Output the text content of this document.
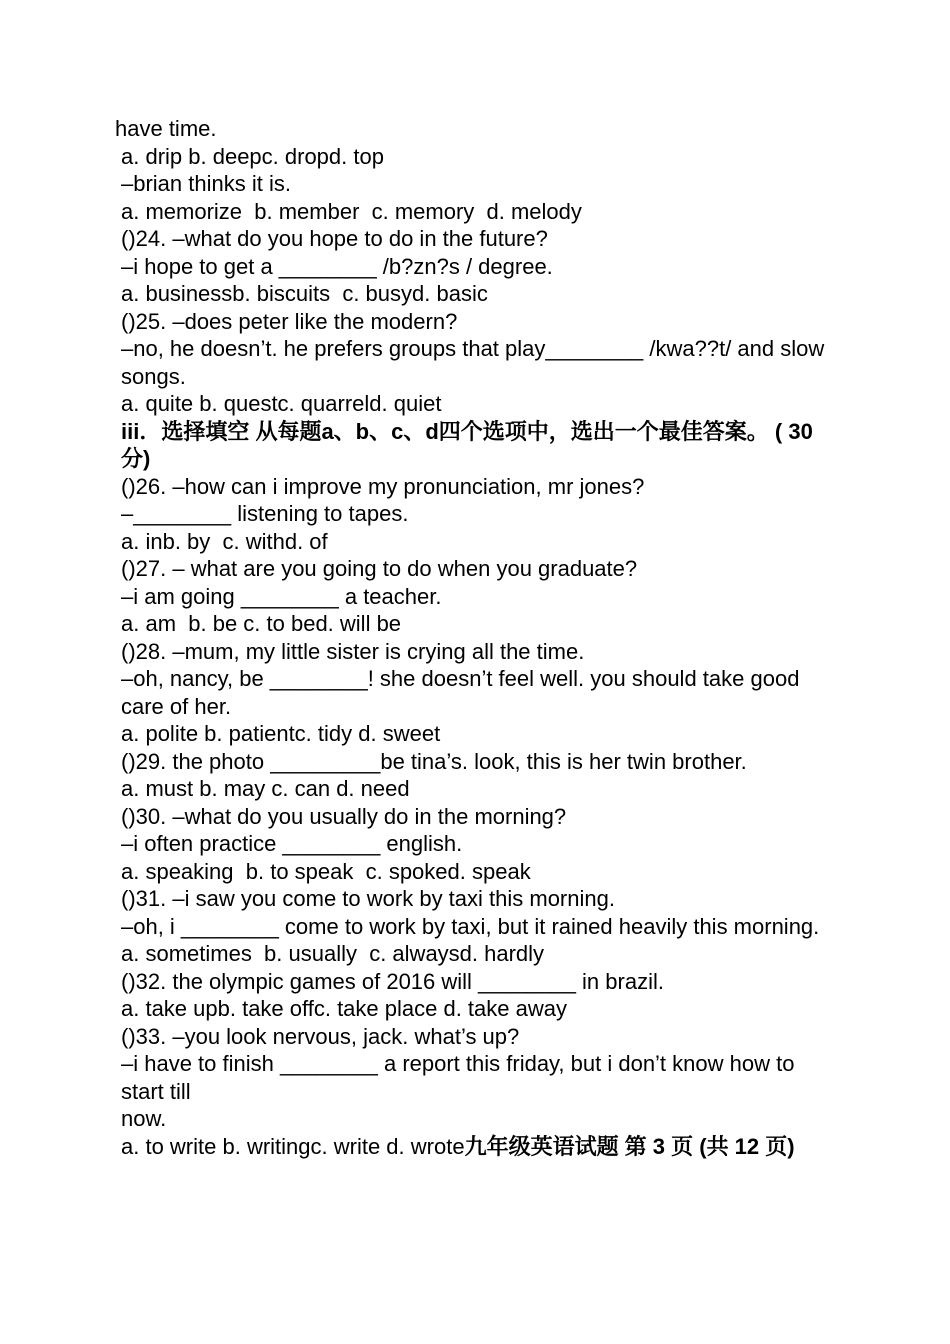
have time.

a. drip b. deepc. dropd. top

–brian thinks it is.

a. memorize  b. member  c. memory  d. melody

()24. –what do you hope to do in the future?

–i hope to get a ________ /b?zn?s / degree.

a. businessb. biscuits  c. busyd. basic

()25. –does peter like the modern?

–no, he doesn’t. he prefers groups that play________ /kwa??t/ and slow songs.

a. quite b. questc. quarreld. quiet

iii．选择填空 从每题a、b、c、d四个选项中，选出一个最佳答案。 ( 30分)

()26. –how can i improve my pronunciation, mr jones?

–________ listening to tapes.

a. inb. by  c. withd. of

()27. – what are you going to do when you graduate?

–i am going ________ a teacher.

a. am  b. be c. to bed. will be

()28. –mum, my little sister is crying all the time.

–oh, nancy, be ________! she doesn’t feel well. you should take good care of her.

a. polite b. patientc. tidy d. sweet

()29. the photo _________be tina’s. look, this is her twin brother.

a. must b. may c. can d. need

()30. –what do you usually do in the morning?

–i often practice ________ english.

a. speaking  b. to speak  c. spoked. speak

()31. –i saw you come to work by taxi this morning.

–oh, i ________ come to work by taxi, but it rained heavily this morning.

a. sometimes  b. usually  c. alwaysd. hardly

()32. the olympic games of 2016 will ________ in brazil.

a. take upb. take offc. take place d. take away

()33. –you look nervous, jack. what’s up?

–i have to finish ________ a report this friday, but i don’t know how to start till

now.

a. to write b. writingc. write d. wrote九年级英语试题 第 3 页 (共 12 页)
